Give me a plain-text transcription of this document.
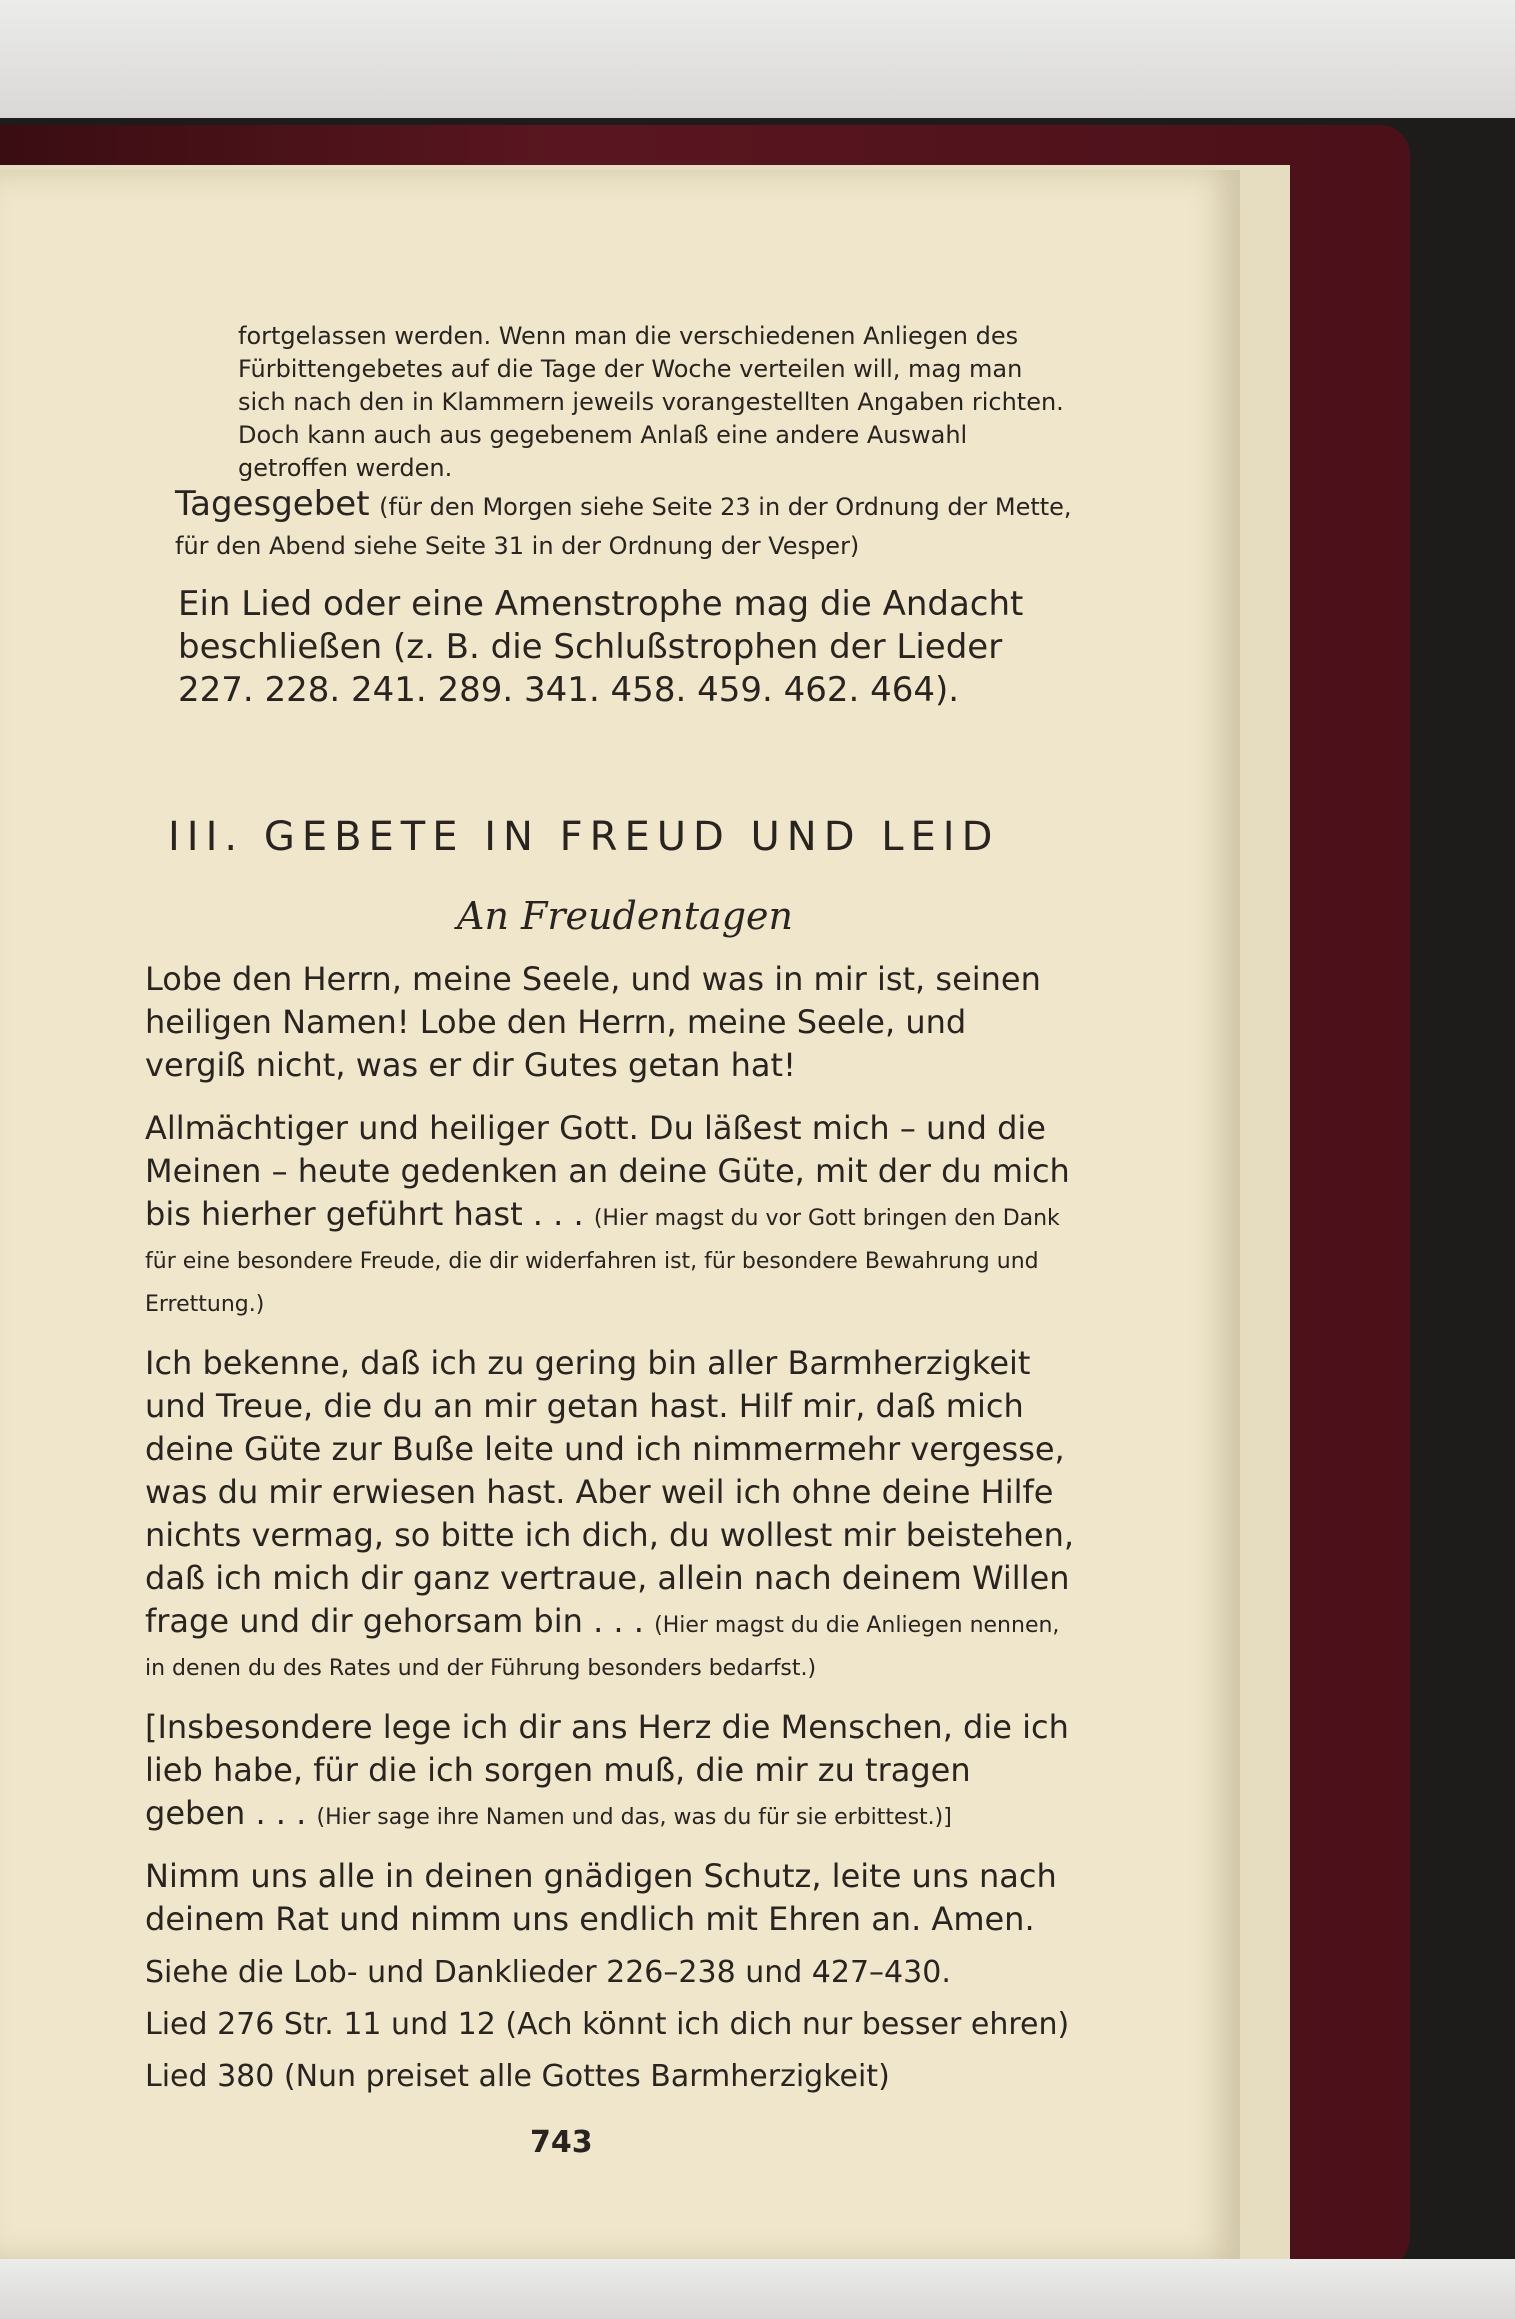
fortgelassen werden. Wenn man die verschiedenen Anliegen des Fürbittengebetes auf die Tage der Woche verteilen will, mag man sich nach den in Klammern jeweils vorangestellten Angaben richten. Doch kann auch aus gegebenem Anlaß eine andere Auswahl getroffen werden.

Tagesgebet (für den Morgen siehe Seite 23 in der Ordnung der Mette, für den Abend siehe Seite 31 in der Ordnung der Vesper)

Ein Lied oder eine Amenstrophe mag die Andacht beschließen (z. B. die Schlußstrophen der Lieder 227. 228. 241. 289. 341. 458. 459. 462. 464).

III. GEBETE IN FREUD UND LEID
An Freudentagen

Lobe den Herrn, meine Seele, und was in mir ist, seinen heiligen Namen! Lobe den Herrn, meine Seele, und vergiß nicht, was er dir Gutes getan hat!

Allmächtiger und heiliger Gott. Du läßest mich – und die Meinen – heute gedenken an deine Güte, mit der du mich bis hierher geführt hast . . . (Hier magst du vor Gott bringen den Dank für eine besondere Freude, die dir widerfahren ist, für besondere Bewahrung und Errettung.)

Ich bekenne, daß ich zu gering bin aller Barmherzigkeit und Treue, die du an mir getan hast. Hilf mir, daß mich deine Güte zur Buße leite und ich nimmermehr vergesse, was du mir erwiesen hast. Aber weil ich ohne deine Hilfe nichts vermag, so bitte ich dich, du wollest mir beistehen, daß ich mich dir ganz vertraue, allein nach deinem Willen frage und dir gehorsam bin . . . (Hier magst du die Anliegen nennen, in denen du des Rates und der Führung besonders bedarfst.)

[Insbesondere lege ich dir ans Herz die Menschen, die ich lieb habe, für die ich sorgen muß, die mir zu tragen geben . . . (Hier sage ihre Namen und das, was du für sie erbittest.)]

Nimm uns alle in deinen gnädigen Schutz, leite uns nach deinem Rat und nimm uns endlich mit Ehren an. Amen.

Siehe die Lob- und Danklieder 226–238 und 427–430.

Lied 276 Str. 11 und 12 (Ach könnt ich dich nur besser ehren)

Lied 380 (Nun preiset alle Gottes Barmherzigkeit)

743
